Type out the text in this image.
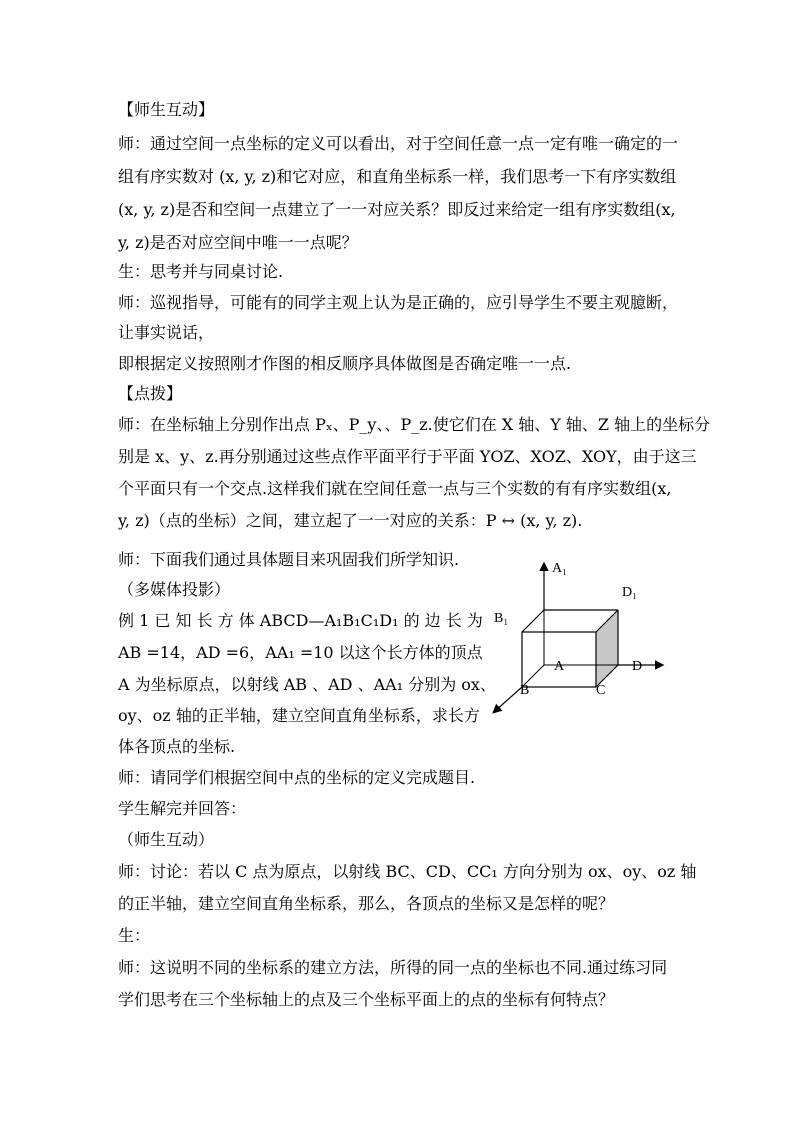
【师生互动】
师：通过空间一点坐标的定义可以看出，对于空间任意一点一定有唯一确定的一
组有序实数对 (x, y, z)和它对应，和直角坐标系一样，我们思考一下有序实数组
(x, y, z)是否和空间一点建立了一一对应关系？即反过来给定一组有序实数组(x,
y, z)是否对应空间中唯一一点呢？
生：思考并与同桌讨论.
师：巡视指导，可能有的同学主观上认为是正确的，应引导学生不要主观臆断，
让事实说话，
即根据定义按照刚才作图的相反顺序具体做图是否确定唯一一点.
【点拨】
师：在坐标轴上分别作出点 Pₓ、P_y、、P_z.使它们在 X 轴、Y 轴、Z 轴上的坐标分
别是 x、y、z.再分别通过这些点作平面平行于平面 YOZ、XOZ、XOY，由于这三
个平面只有一个交点.这样我们就在空间任意一点与三个实数的有有序实数组(x,
y, z)（点的坐标）之间，建立起了一一对应的关系：P ↔ (x, y, z).
师：下面我们通过具体题目来巩固我们所学知识.
（多媒体投影）
例 1 已 知 长 方 体 ABCD—A₁B₁C₁D₁ 的 边 长 为
AB =14，AD =6，AA₁ =10 以这个长方体的顶点
A 为坐标原点，以射线 AB 、AD 、AA₁ 分别为 ox、
oy、oz 轴的正半轴，建立空间直角坐标系，求长方
体各顶点的坐标.
师：请同学们根据空间中点的坐标的定义完成题目.
学生解完并回答：
（师生互动）
师：讨论：若以 C 点为原点，以射线 BC、CD、CC₁ 方向分别为 ox、oy、oz 轴
的正半轴，建立空间直角坐标系，那么，各顶点的坐标又是怎样的呢？
生：
师：这说明不同的坐标系的建立方法，所得的同一点的坐标也不同.通过练习同
学们思考在三个坐标轴上的点及三个坐标平面上的点的坐标有何特点？
A₁
D₁
B₁
A	D
B	C
